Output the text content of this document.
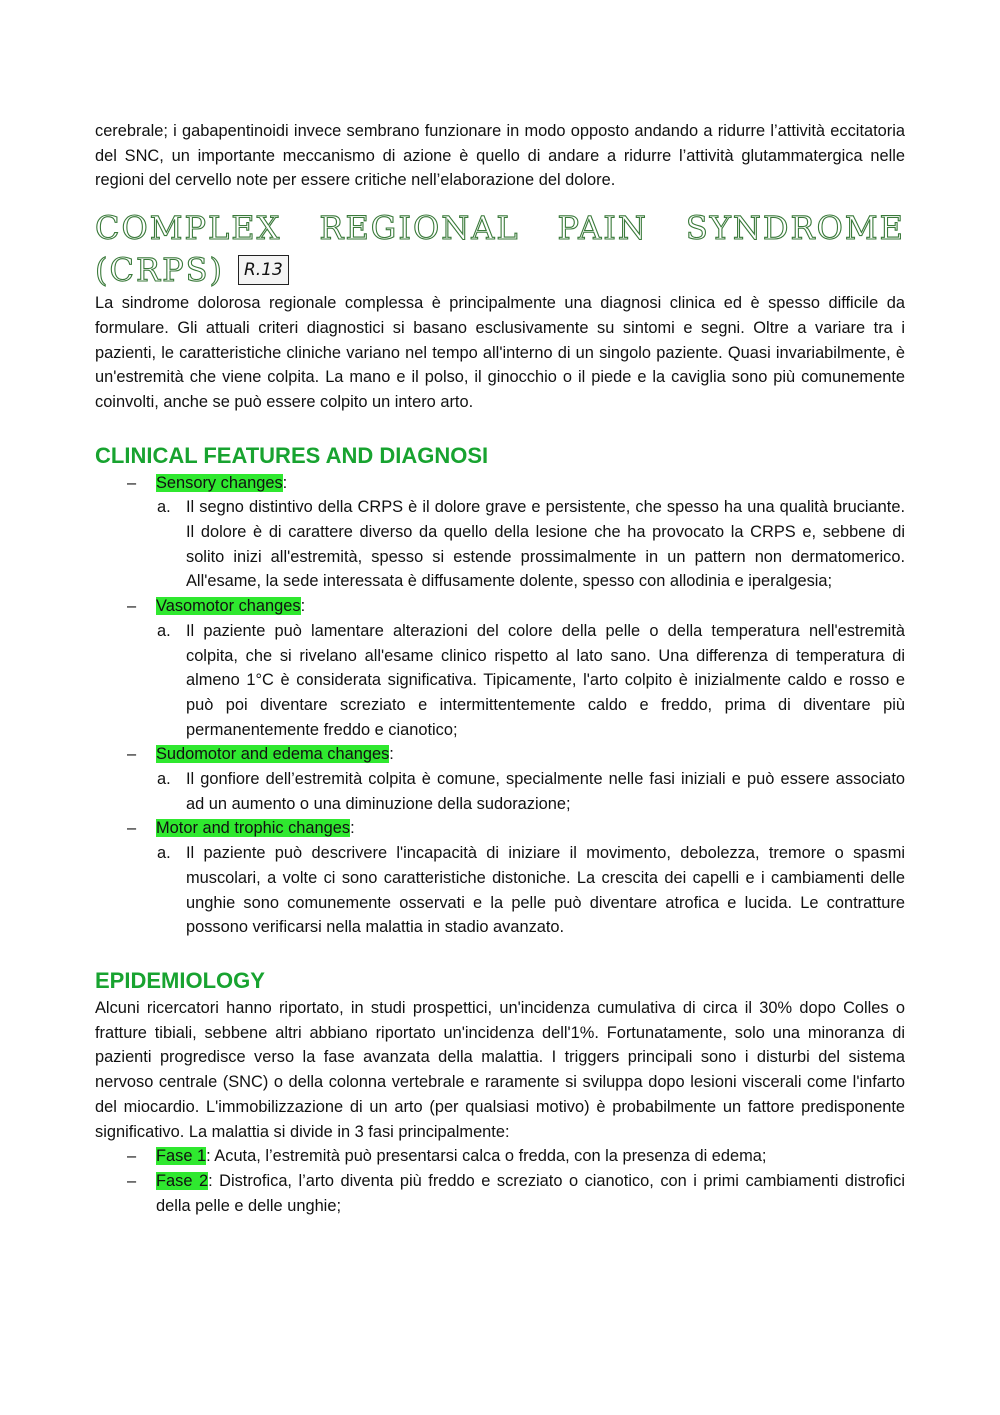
cerebrale; i gabapentinoidi invece sembrano funzionare in modo opposto andando a ridurre l’attività eccitatoria del SNC, un importante meccanismo di azione è quello di andare a ridurre l’attività glutammatergica nelle regioni del cervello note per essere critiche nell’elaborazione del dolore.

COMPLEX REGIONAL PAIN SYNDROME
(CRPS)	R.13

La sindrome dolorosa regionale complessa è principalmente una diagnosi clinica ed è spesso difficile da formulare. Gli attuali criteri diagnostici si basano esclusivamente su sintomi e segni. Oltre a variare tra i pazienti, le caratteristiche cliniche variano nel tempo all'interno di un singolo paziente. Quasi invariabilmente, è un'estremità che viene colpita. La mano e il polso, il ginocchio o il piede e la caviglia sono più comunemente coinvolti, anche se può essere colpito un intero arto.

CLINICAL FEATURES AND DIAGNOSI
– Sensory changes:
a. Il segno distintivo della CRPS è il dolore grave e persistente, che spesso ha una qualità bruciante. Il dolore è di carattere diverso da quello della lesione che ha provocato la CRPS e, sebbene di solito inizi all'estremità, spesso si estende prossimalmente in un pattern non dermatomerico. All'esame, la sede interessata è diffusamente dolente, spesso con allodinia e iperalgesia;
– Vasomotor changes:
a. Il paziente può lamentare alterazioni del colore della pelle o della temperatura nell'estremità colpita, che si rivelano all'esame clinico rispetto al lato sano. Una differenza di temperatura di almeno 1°C è considerata significativa. Tipicamente, l'arto colpito è inizialmente caldo e rosso e può poi diventare screziato e intermittentemente caldo e freddo, prima di diventare più permanentemente freddo e cianotico;
– Sudomotor and edema changes:
a. Il gonfiore dell’estremità colpita è comune, specialmente nelle fasi iniziali e può essere associato ad un aumento o una diminuzione della sudorazione;
– Motor and trophic changes:
a. Il paziente può descrivere l'incapacità di iniziare il movimento, debolezza, tremore o spasmi muscolari, a volte ci sono caratteristiche distoniche. La crescita dei capelli e i cambiamenti delle unghie sono comunemente osservati e la pelle può diventare atrofica e lucida. Le contratture possono verificarsi nella malattia in stadio avanzato.
EPIDEMIOLOGY

Alcuni ricercatori hanno riportato, in studi prospettici, un'incidenza cumulativa di circa il 30% dopo Colles o fratture tibiali, sebbene altri abbiano riportato un'incidenza dell'1%. Fortunatamente, solo una minoranza di pazienti progredisce verso la fase avanzata della malattia. I triggers principali sono i disturbi del sistema nervoso centrale (SNC) o della colonna vertebrale e raramente si sviluppa dopo lesioni viscerali come l'infarto del miocardio. L'immobilizzazione di un arto (per qualsiasi motivo) è probabilmente un fattore predisponente significativo. La malattia si divide in 3 fasi principalmente:

– Fase 1: Acuta, l’estremità può presentarsi calca o fredda, con la presenza di edema;
– Fase 2: Distrofica, l’arto diventa più freddo e screziato o cianotico, con i primi cambiamenti distrofici della pelle e delle unghie;
